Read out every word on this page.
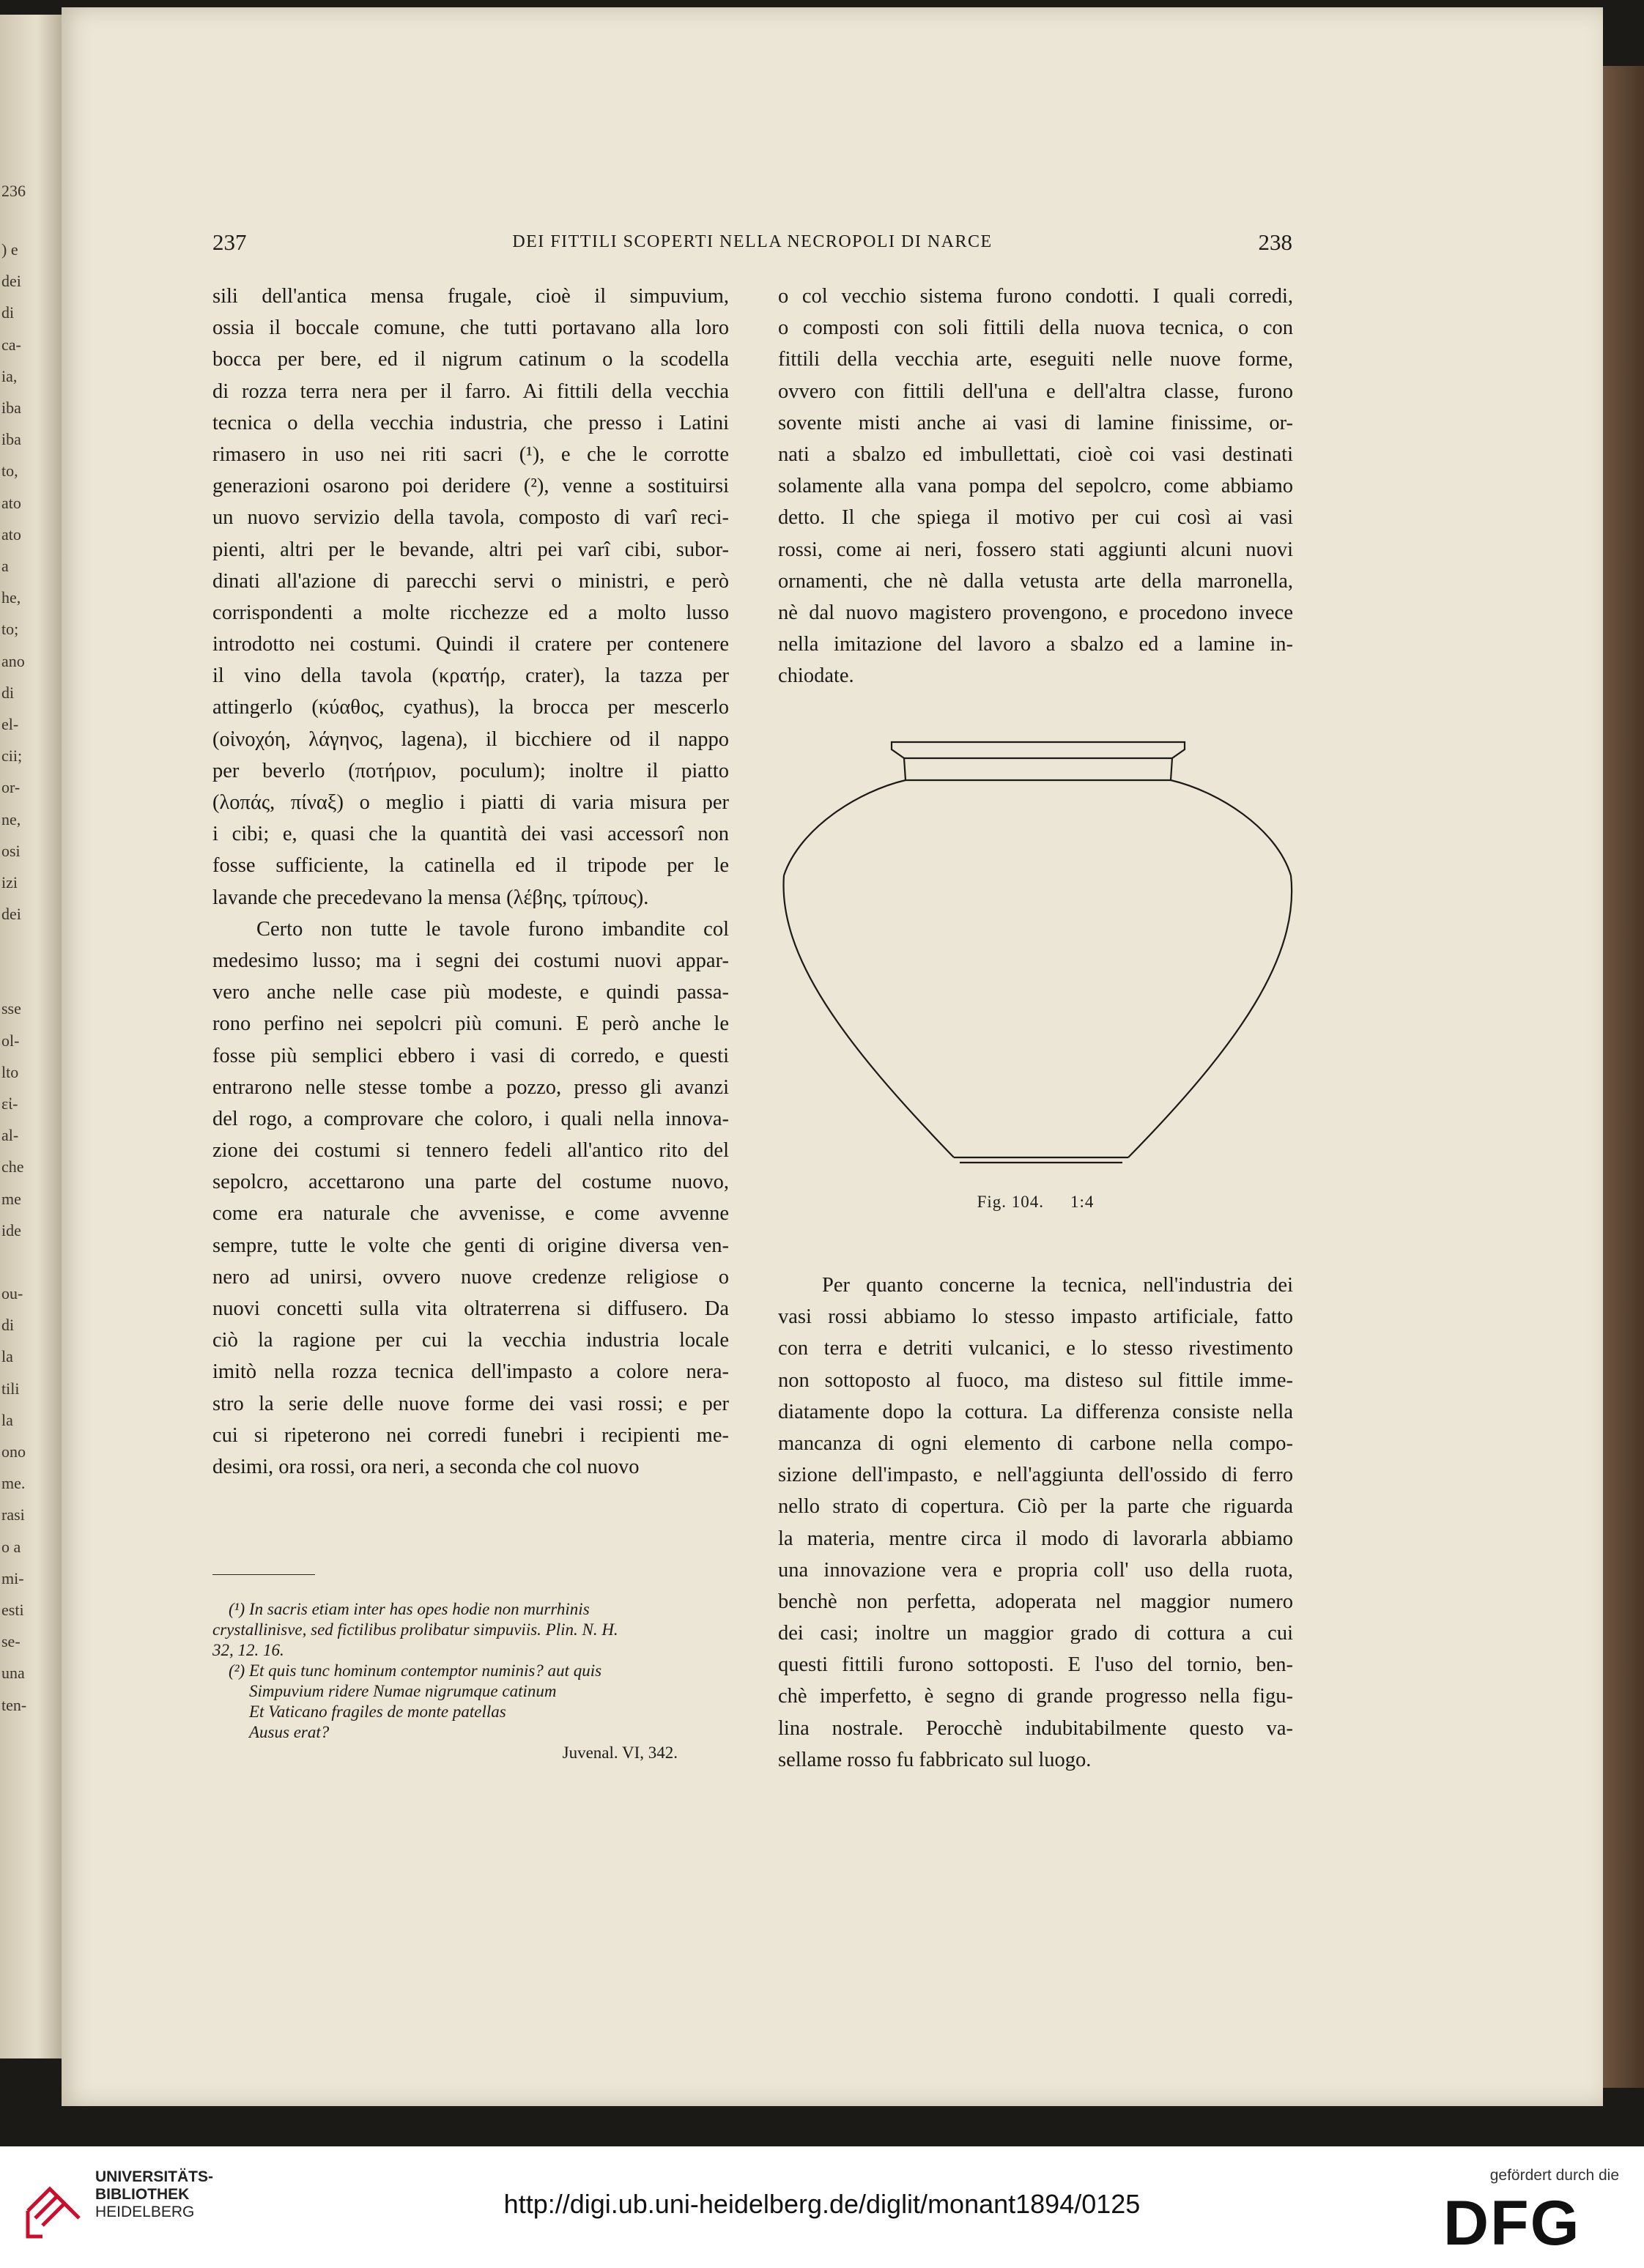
236
) e
dei
di
ca-
ia,
iba
iba
to,
ato
ato
a
he,
to;
ano
di
el-
cii;
or-
ne,
osi
izi
dei
sse
ol-
lto
εἰ-
al-
che
me
ide
ou-
di
la
tili
la
ono
me.
rasi
o a
mi-
esti
se-
una
ten-
237	DEI FITTILI SCOPERTI NELLA NECROPOLI DI NARCE	238
sili dell'antica mensa frugale, cioè il simpuvium,
ossia il boccale comune, che tutti portavano alla loro
bocca per bere, ed il nigrum catinum o la scodella
di rozza terra nera per il farro. Ai fittili della vecchia
tecnica o della vecchia industria, che presso i Latini
rimasero in uso nei riti sacri (¹), e che le corrotte
generazioni osarono poi deridere (²), venne a sostituirsi
un nuovo servizio della tavola, composto di varî reci-
pienti, altri per le bevande, altri pei varî cibi, subor-
dinati all'azione di parecchi servi o ministri, e però
corrispondenti a molte ricchezze ed a molto lusso
introdotto nei costumi. Quindi il cratere per contenere
il vino della tavola (κρατήρ, crater), la tazza per
attingerlo (κύαθος, cyathus), la brocca per mescerlo
(οἰνοχόη, λάγηνος, lagena), il bicchiere od il nappo
per beverlo (ποτήριον, poculum); inoltre il piatto
(λοπάς, πίναξ) o meglio i piatti di varia misura per
i cibi; e, quasi che la quantità dei vasi accessorî non
fosse sufficiente, la catinella ed il tripode per le
lavande che precedevano la mensa (λέβης, τρίπους).
Certo non tutte le tavole furono imbandite col
medesimo lusso; ma i segni dei costumi nuovi appar-
vero anche nelle case più modeste, e quindi passa-
rono perfino nei sepolcri più comuni. E però anche le
fosse più semplici ebbero i vasi di corredo, e questi
entrarono nelle stesse tombe a pozzo, presso gli avanzi
del rogo, a comprovare che coloro, i quali nella innova-
zione dei costumi si tennero fedeli all'antico rito del
sepolcro, accettarono una parte del costume nuovo,
come era naturale che avvenisse, e come avvenne
sempre, tutte le volte che genti di origine diversa ven-
nero ad unirsi, ovvero nuove credenze religiose o
nuovi concetti sulla vita oltraterrena si diffusero. Da
ciò la ragione per cui la vecchia industria locale
imitò nella rozza tecnica dell'impasto a colore nera-
stro la serie delle nuove forme dei vasi rossi; e per
cui si ripeterono nei corredi funebri i recipienti me-
desimi, ora rossi, ora neri, a seconda che col nuovo
o col vecchio sistema furono condotti. I quali corredi,
o composti con soli fittili della nuova tecnica, o con
fittili della vecchia arte, eseguiti nelle nuove forme,
ovvero con fittili dell'una e dell'altra classe, furono
sovente misti anche ai vasi di lamine finissime, or-
nati a sbalzo ed imbullettati, cioè coi vasi destinati
solamente alla vana pompa del sepolcro, come abbiamo
detto. Il che spiega il motivo per cui così ai vasi
rossi, come ai neri, fossero stati aggiunti alcuni nuovi
ornamenti, che nè dalla vetusta arte della marronella,
nè dal nuovo magistero provengono, e procedono invece
nella imitazione del lavoro a sbalzo ed a lamine in-
chiodate.
Fig. 104. 1:4
Per quanto concerne la tecnica, nell'industria dei
vasi rossi abbiamo lo stesso impasto artificiale, fatto
con terra e detriti vulcanici, e lo stesso rivestimento
non sottoposto al fuoco, ma disteso sul fittile imme-
diatamente dopo la cottura. La differenza consiste nella
mancanza di ogni elemento di carbone nella compo-
sizione dell'impasto, e nell'aggiunta dell'ossido di ferro
nello strato di copertura. Ciò per la parte che riguarda
la materia, mentre circa il modo di lavorarla abbiamo
una innovazione vera e propria coll' uso della ruota,
benchè non perfetta, adoperata nel maggior numero
dei casi; inoltre un maggior grado di cottura a cui
questi fittili furono sottoposti. E l'uso del tornio, ben-
chè imperfetto, è segno di grande progresso nella figu-
lina nostrale. Perocchè indubitabilmente questo va-
sellame rosso fu fabbricato sul luogo.
(¹) In sacris etiam inter has opes hodie non murrhinis
crystallinisve, sed fictilibus prolibatur simpuviis. Plin. N. H.
32, 12. 16.
(²) Et quis tunc hominum contemptor numinis? aut quis
Simpuvium ridere Numae nigrumque catinum
Et Vaticano fragiles de monte patellas
Ausus erat?
Juvenal. VI, 342.
UNIVERSITÄTS-
BIBLIOTHEK
HEIDELBERG	http://digi.ub.uni-heidelberg.de/diglit/monant1894/0125
gefördert durch die
DFG
